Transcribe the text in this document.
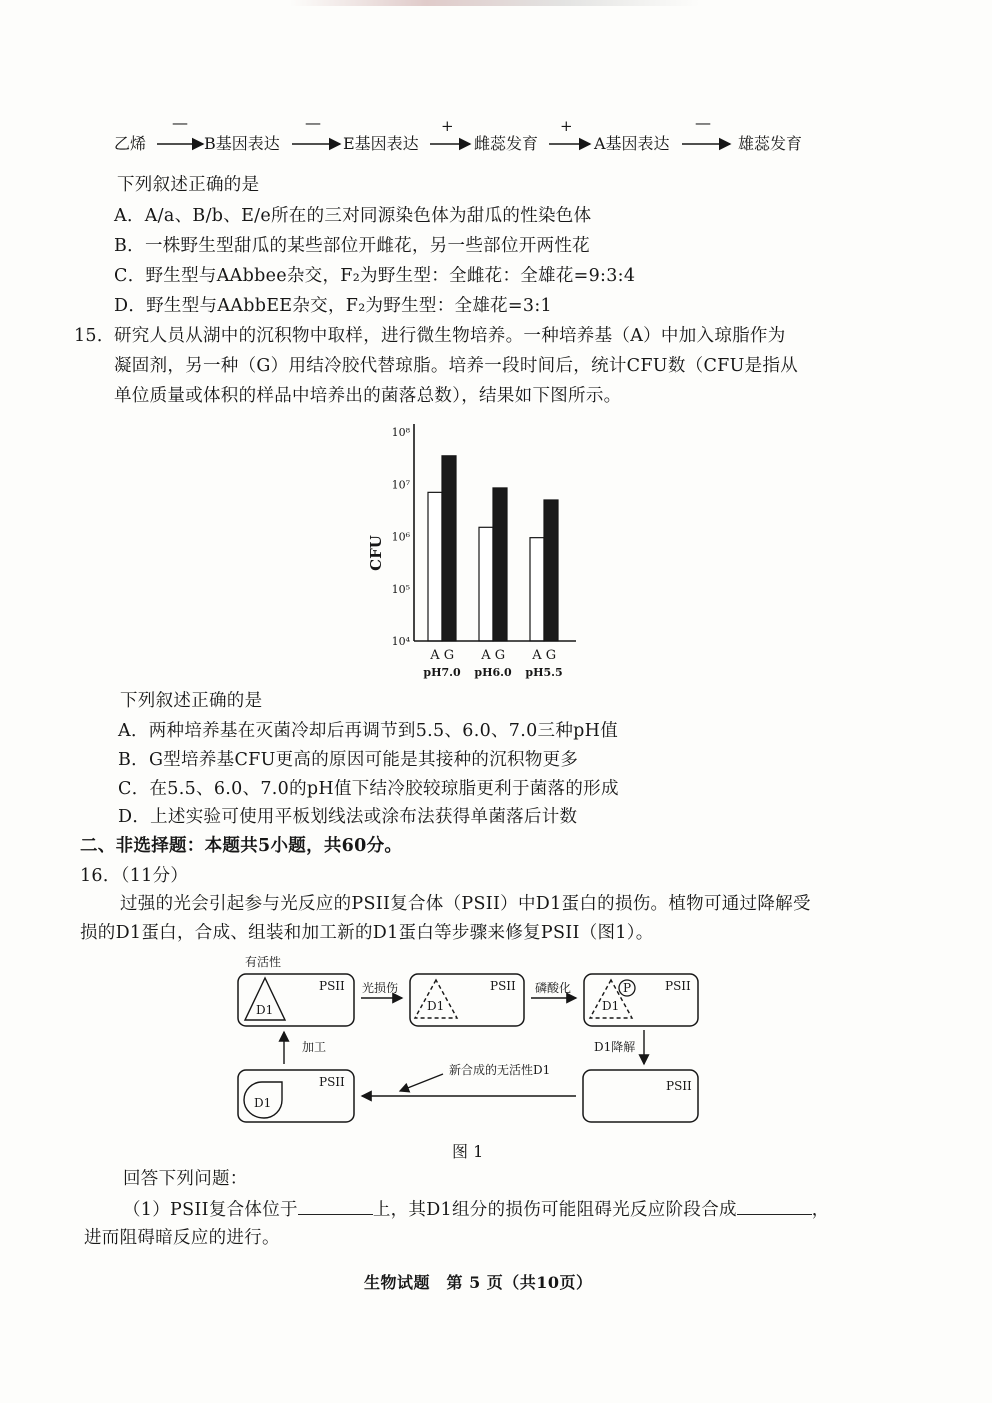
乙烯
—
B基因表达
—
E基因表达
+
雌蕊发育
+
A基因表达
—
雄蕊发育
下列叙述正确的是
A．A/a、B/b、E/e所在的三对同源染色体为甜瓜的性染色体
B．一株野生型甜瓜的某些部位开雌花，另一些部位开两性花
C．野生型与AAbbee杂交，F₂为野生型：全雌花：全雄花=9:3:4
D．野生型与AAbbEE杂交，F₂为野生型：全雄花=3:1
15． 研究人员从湖中的沉积物中取样，进行微生物培养。一种培养基（A）中加入琼脂作为
凝固剂，另一种（G）用结冷胶代替琼脂。培养一段时间后，统计CFU数（CFU是指从
单位质量或体积的样品中培养出的菌落总数），结果如下图所示。
CFU
10⁸
10⁷
10⁶
10⁵
10⁴
A G
pH7.0
A G
pH6.0
A G
pH5.5
下列叙述正确的是
A．两种培养基在灭菌冷却后再调节到5.5、6.0、7.0三种pH值
B．G型培养基CFU更高的原因可能是其接种的沉积物更多
C．在5.5、6.0、7.0的pH值下结冷胶较琼脂更利于菌落的形成
D．上述实验可使用平板划线法或涂布法获得单菌落后计数
二、非选择题：本题共5小题，共60分。
16．（11分）
过强的光会引起参与光反应的PSII复合体（PSII）中D1蛋白的损伤。植物可通过降解受
损的D1蛋白，合成、组装和加工新的D1蛋白等步骤来修复PSII（图1）。
有活性
PSII
D1
光损伤	PSII
D1
磷酸化	PSII
D1
P
D1降解
PSII
新合成的无活性D1
PSII
D1
加工
图 1
回答下列问题：
（1）PSII复合体位于	上，其D1组分的损伤可能阻碍光反应阶段合成	，
进而阻碍暗反应的进行。
生物试题　第 5 页（共10页）
